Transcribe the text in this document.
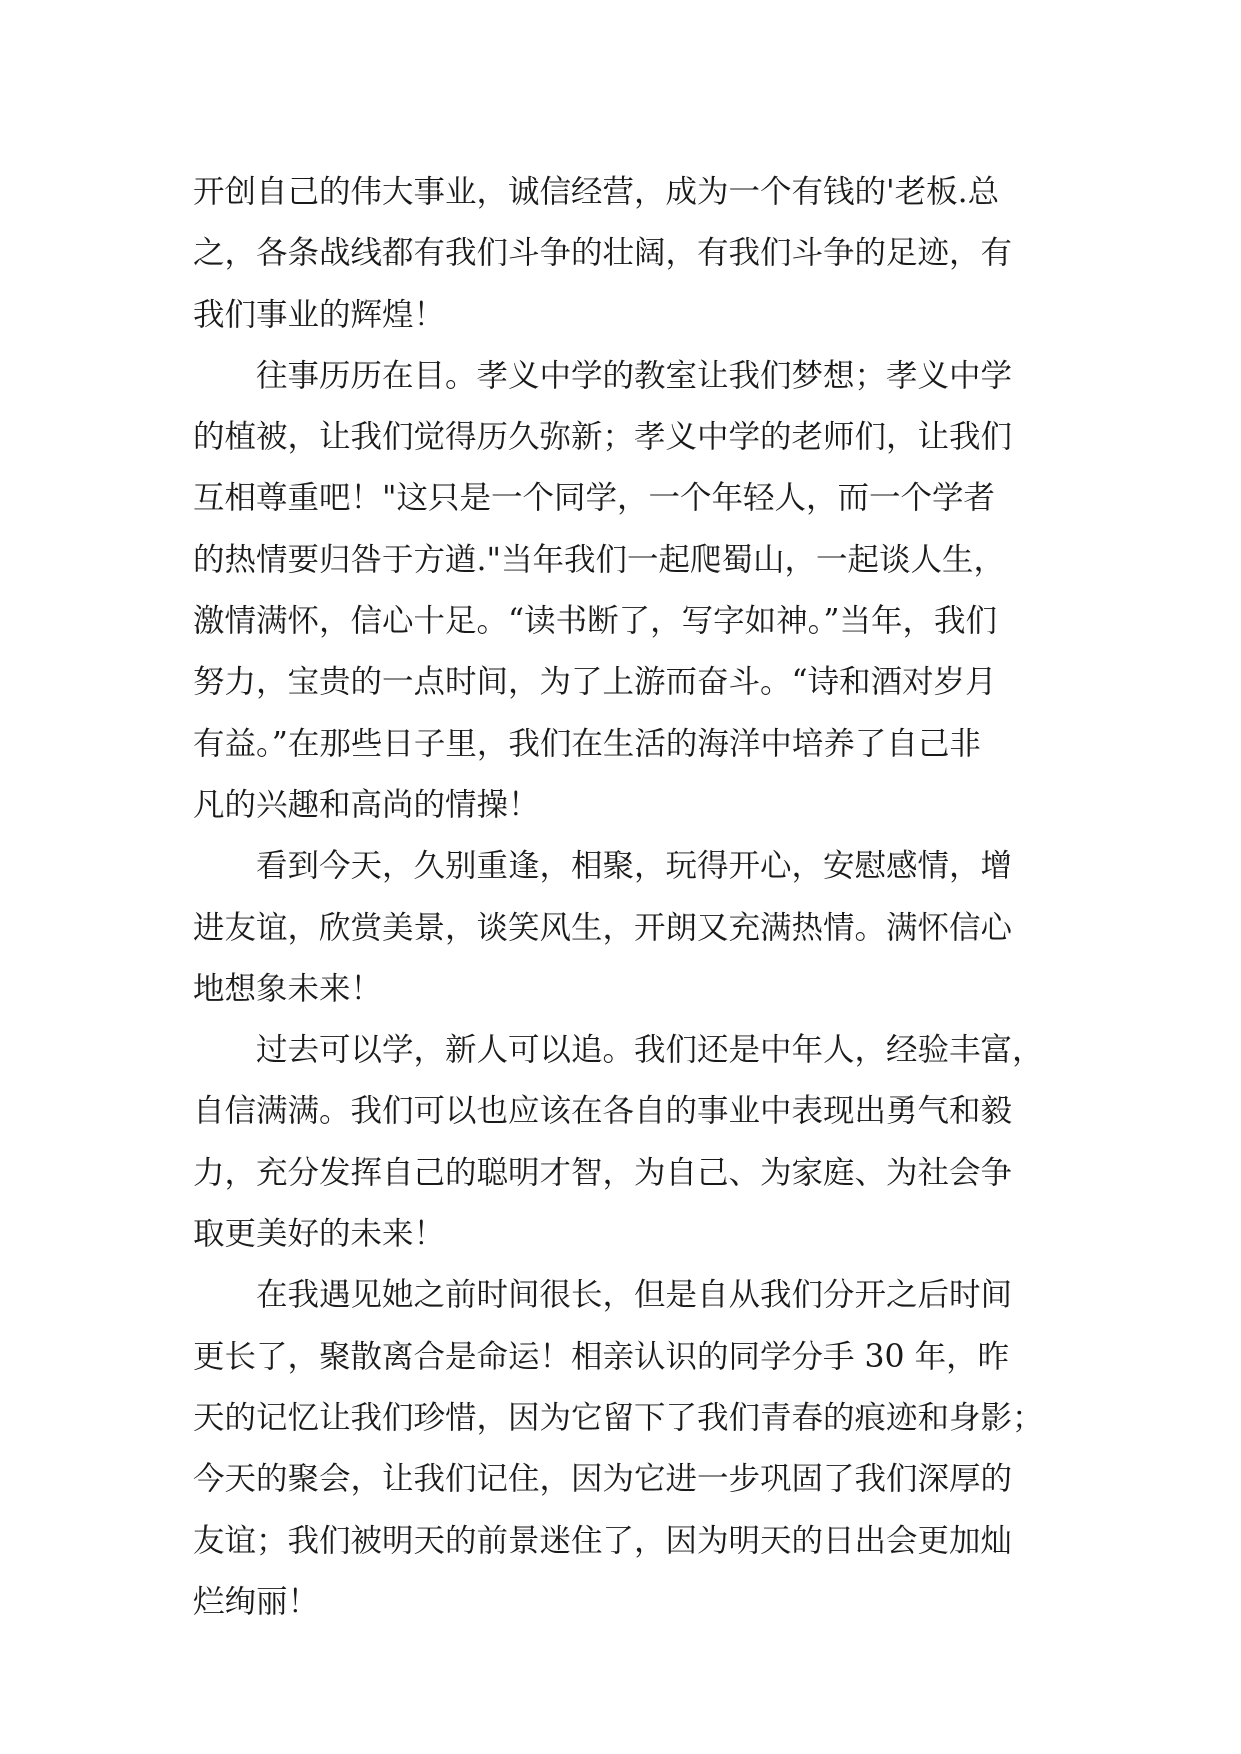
开创自己的伟大事业，诚信经营，成为一个有钱的'老板.总
之，各条战线都有我们斗争的壮阔，有我们斗争的足迹，有
我们事业的辉煌！

　　往事历历在目。孝义中学的教室让我们梦想；孝义中学
的植被，让我们觉得历久弥新；孝义中学的老师们，让我们
互相尊重吧！"这只是一个同学，一个年轻人，而一个学者
的热情要归咎于方遒."当年我们一起爬蜀山，一起谈人生，
激情满怀，信心十足。“读书断了，写字如神。”当年，我们
努力，宝贵的一点时间，为了上游而奋斗。“诗和酒对岁月
有益。”在那些日子里，我们在生活的海洋中培养了自己非
凡的兴趣和高尚的情操！

　　看到今天，久别重逢，相聚，玩得开心，安慰感情，增
进友谊，欣赏美景，谈笑风生，开朗又充满热情。满怀信心
地想象未来！

　　过去可以学，新人可以追。我们还是中年人，经验丰富，
自信满满。我们可以也应该在各自的事业中表现出勇气和毅
力，充分发挥自己的聪明才智，为自己、为家庭、为社会争
取更美好的未来！

　　在我遇见她之前时间很长，但是自从我们分开之后时间
更长了，聚散离合是命运！相亲认识的同学分手 30 年，昨
天的记忆让我们珍惜，因为它留下了我们青春的痕迹和身影；
今天的聚会，让我们记住，因为它进一步巩固了我们深厚的
友谊；我们被明天的前景迷住了，因为明天的日出会更加灿
烂绚丽！
